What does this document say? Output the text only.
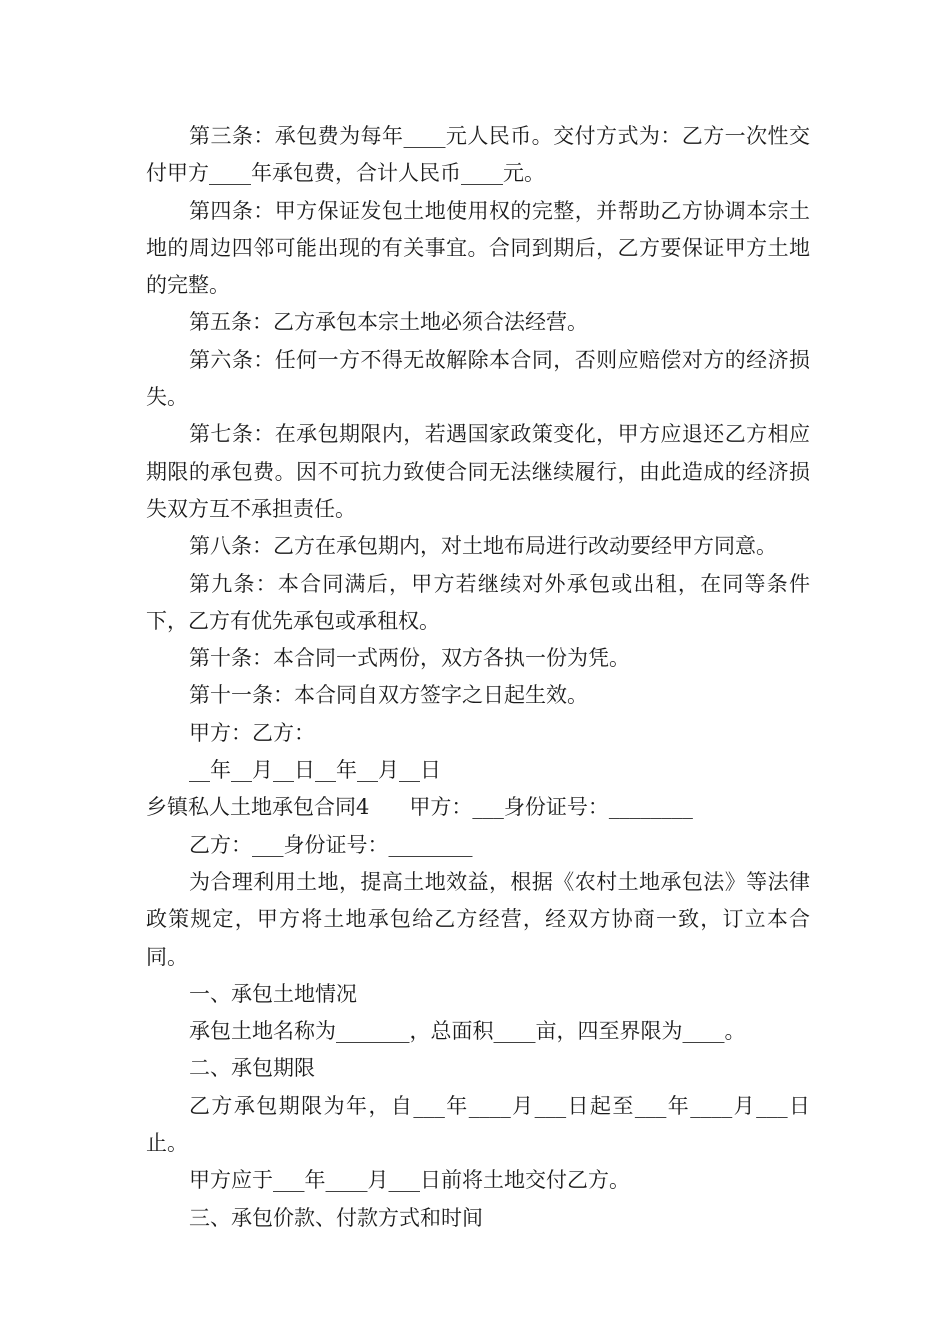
第三条：承包费为每年____元人民币。交付方式为：乙方一次性交付甲方____年承包费，合计人民币____元。

第四条：甲方保证发包土地使用权的完整，并帮助乙方协调本宗土地的周边四邻可能出现的有关事宜。合同到期后，乙方要保证甲方土地的完整。

第五条：乙方承包本宗土地必须合法经营。

第六条：任何一方不得无故解除本合同，否则应赔偿对方的经济损失。

第七条：在承包期限内，若遇国家政策变化，甲方应退还乙方相应期限的承包费。因不可抗力致使合同无法继续履行，由此造成的经济损失双方互不承担责任。

第八条：乙方在承包期内，对土地布局进行改动要经甲方同意。

第九条：本合同满后，甲方若继续对外承包或出租，在同等条件下，乙方有优先承包或承租权。

第十条：本合同一式两份，双方各执一份为凭。

第十一条：本合同自双方签字之日起生效。

甲方：乙方：

__年__月__日__年__月__日

乡镇私人土地承包合同4 甲方：___身份证号：________

乙方：___身份证号：________

为合理利用土地，提高土地效益，根据《农村土地承包法》等法律政策规定，甲方将土地承包给乙方经营，经双方协商一致，订立本合同。

一、承包土地情况

承包土地名称为_______，总面积____亩，四至界限为____。

二、承包期限

乙方承包期限为年，自___年____月___日起至___年____月___日止。

甲方应于___年____月___日前将土地交付乙方。

三、承包价款、付款方式和时间
